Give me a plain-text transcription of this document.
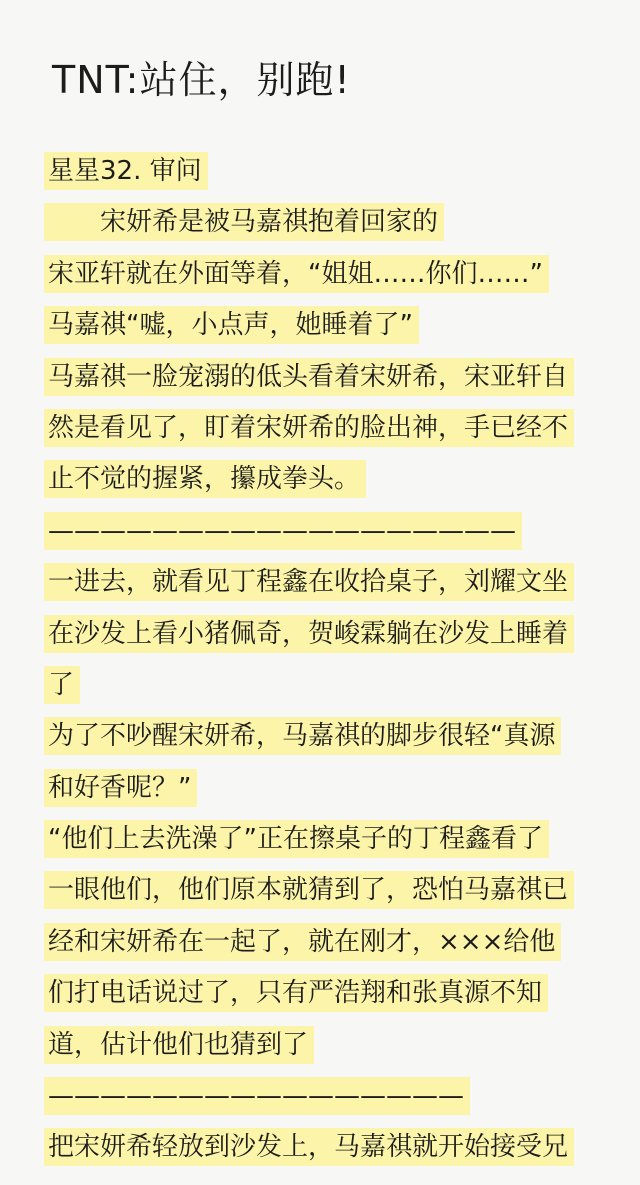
TNT:站住，别跑!
星星32. 审问
　　宋妍希是被马嘉祺抱着回家的
宋亚轩就在外面等着，“姐姐……你们……”
马嘉祺“嘘，小点声，她睡着了”
马嘉祺一脸宠溺的低头看着宋妍希，宋亚轩自
然是看见了，盯着宋妍希的脸出神，手已经不
止不觉的握紧，攥成拳头。
——————————————————
一进去，就看见丁程鑫在收拾桌子，刘耀文坐
在沙发上看小猪佩奇，贺峻霖躺在沙发上睡着
了
为了不吵醒宋妍希，马嘉祺的脚步很轻“真源
和好香呢？”
“他们上去洗澡了”正在擦桌子的丁程鑫看了
一眼他们，他们原本就猜到了，恐怕马嘉祺已
经和宋妍希在一起了，就在刚才，×××给他
们打电话说过了，只有严浩翔和张真源不知
道，估计他们也猜到了
————————————————
把宋妍希轻放到沙发上，马嘉祺就开始接受兄
